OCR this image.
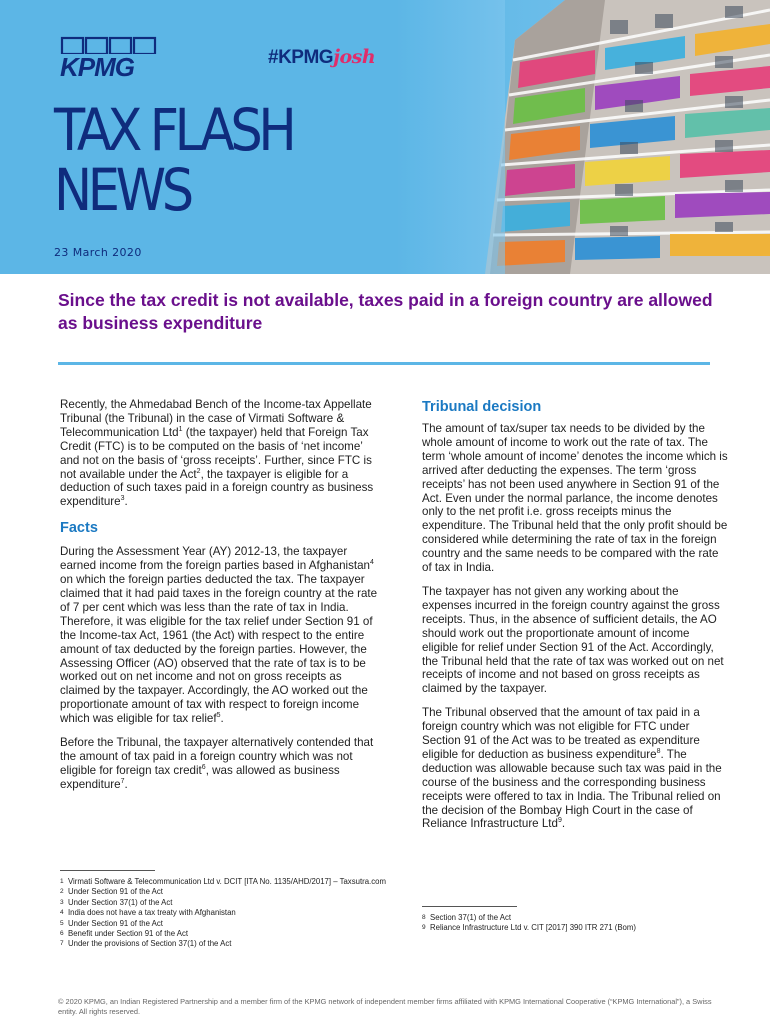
KPMG	#KPMGjosh
TAX FLASH
NEWS
23 March 2020
Since the tax credit is not available, taxes paid in a foreign country are allowed as business expenditure

Recently, the Ahmedabad Bench of the Income-tax Appellate Tribunal (the Tribunal) in the case of Virmati Software & Telecommunication Ltd$^1$ (the taxpayer) held that Foreign Tax Credit (FTC) is to be computed on the basis of ‘net income’ and not on the basis of ‘gross receipts’. Further, since FTC is not available under the Act$^2$, the taxpayer is eligible for a deduction of such taxes paid in a foreign country as business expenditure$^3$.

Facts

During the Assessment Year (AY) 2012-13, the taxpayer earned income from the foreign parties based in Afghanistan$^4$ on which the foreign parties deducted the tax. The taxpayer claimed that it had paid taxes in the foreign country at the rate of 7 per cent which was less than the rate of tax in India. Therefore, it was eligible for the tax relief under Section 91 of the Income-tax Act, 1961 (the Act) with respect to the entire amount of tax deducted by the foreign parties. However, the Assessing Officer (AO) observed that the rate of tax is to be worked out on net income and not on gross receipts as claimed by the taxpayer. Accordingly, the AO worked out the proportionate amount of tax with respect to foreign income which was eligible for tax relief$^5$.

Before the Tribunal, the taxpayer alternatively contended that the amount of tax paid in a foreign country which was not eligible for foreign tax credit$^6$, was allowed as business expenditure$^7$.

Tribunal decision

The amount of tax/super tax needs to be divided by the whole amount of income to work out the rate of tax. The term ‘whole amount of income’ denotes the income which is arrived after deducting the expenses. The term ‘gross receipts’ has not been used anywhere in Section 91 of the Act. Even under the normal parlance, the income denotes only to the net profit i.e. gross receipts minus the expenditure. The Tribunal held that the only profit should be considered while determining the rate of tax in the foreign country and the same needs to be compared with the rate of tax in India.

The taxpayer has not given any working about the expenses incurred in the foreign country against the gross receipts. Thus, in the absence of sufficient details, the AO should work out the proportionate amount of income eligible for relief under Section 91 of the Act. Accordingly, the Tribunal held that the rate of tax was worked out on net receipts of income and not based on gross receipts as claimed by the taxpayer.

The Tribunal observed that the amount of tax paid in a foreign country which was not eligible for FTC under Section 91 of the Act was to be treated as expenditure eligible for deduction as business expenditure$^8$. The deduction was allowable because such tax was paid in the course of the business and the corresponding business receipts were offered to tax in India. The Tribunal relied on the decision of the Bombay High Court in the case of Reliance Infrastructure Ltd$^9$.

1 Virmati Software & Telecommunication Ltd v. DCIT [ITA No. 1135/AHD/2017] – Taxsutra.com
2 Under Section 91 of the Act
3 Under Section 37(1) of the Act
4 India does not have a tax treaty with Afghanistan
5 Under Section 91 of the Act
6 Benefit under Section 91 of the Act
7 Under the provisions of Section 37(1) of the Act
8 Section 37(1) of the Act
9 Reliance Infrastructure Ltd v. CIT [2017] 390 ITR 271 (Bom)
© 2020 KPMG, an Indian Registered Partnership and a member firm of the KPMG network of independent member firms affiliated with KPMG International Cooperative (“KPMG International”), a Swiss entity. All rights reserved.
